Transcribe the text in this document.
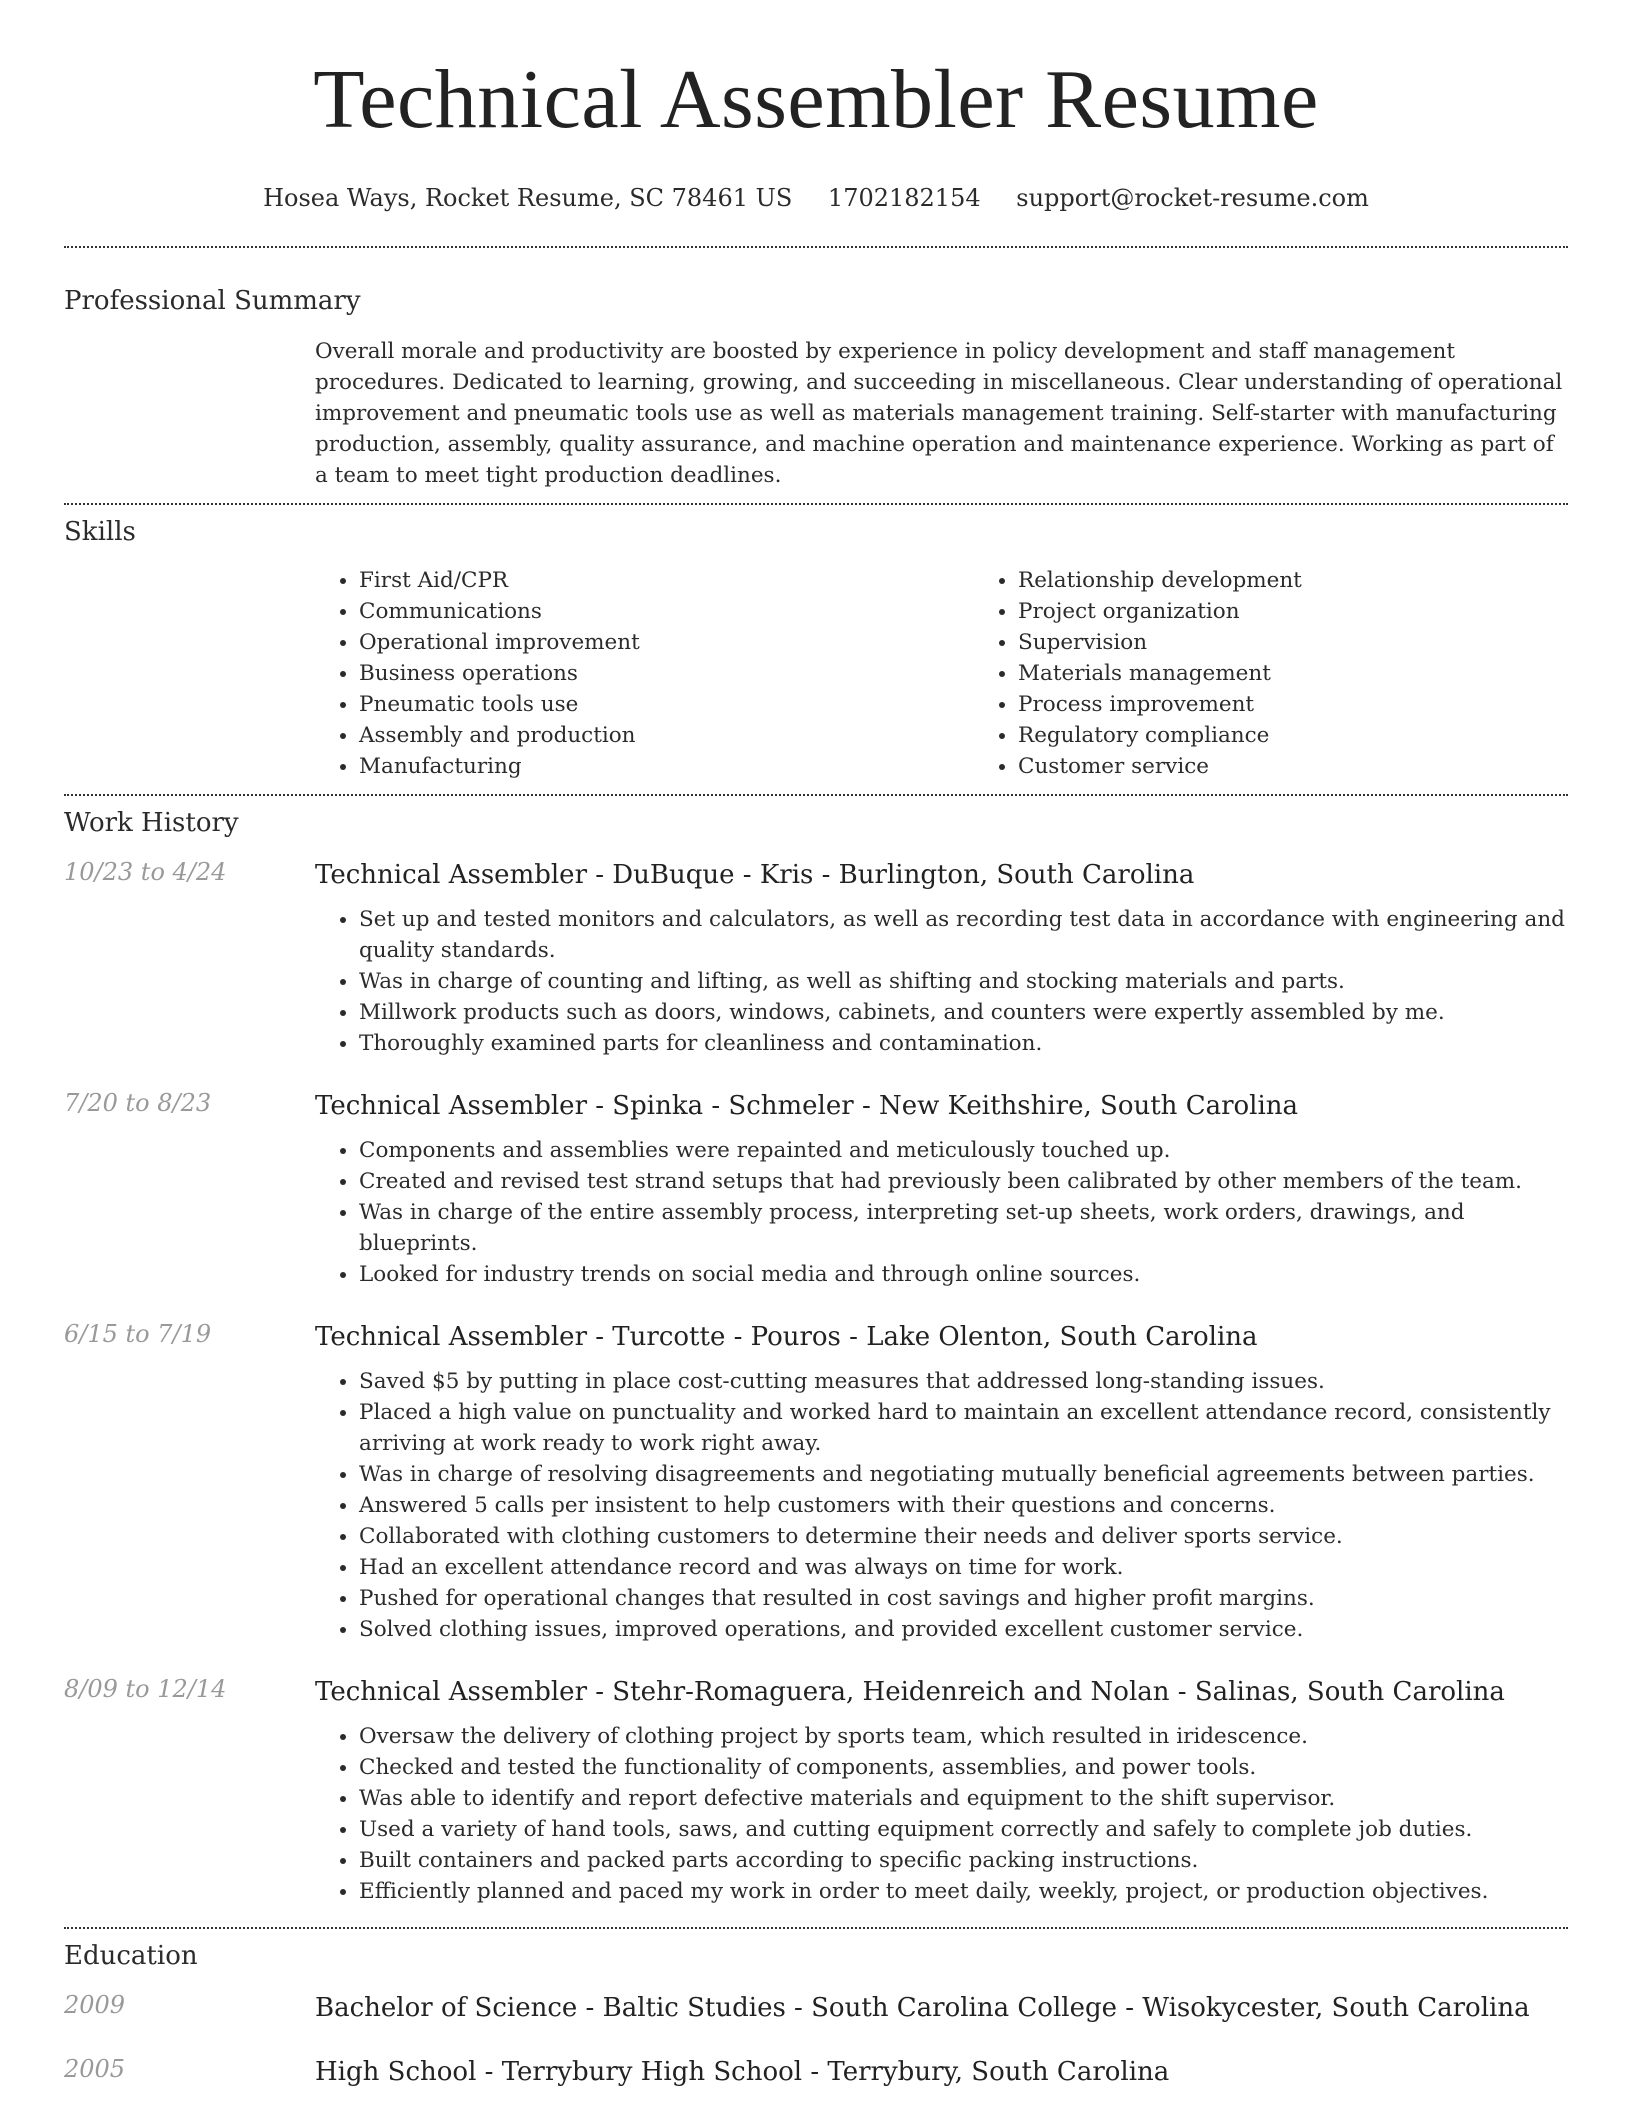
Technical Assembler Resume
Hosea Ways, Rocket Resume, SC 78461 US 1702182154 support@rocket-resume.com
Professional Summary

Overall morale and productivity are boosted by experience in policy development and staff management procedures. Dedicated to learning, growing, and succeeding in miscellaneous. Clear understanding of operational improvement and pneumatic tools use as well as materials management training. Self-starter with manufacturing production, assembly, quality assurance, and machine operation and maintenance experience. Working as part of a team to meet tight production deadlines.

Skills
• First Aid/CPR
• Communications
• Operational improvement
• Business operations
• Pneumatic tools use
• Assembly and production
• Manufacturing
• Relationship development
• Project organization
• Supervision
• Materials management
• Process improvement
• Regulatory compliance
• Customer service
Work History
10/23 to 4/24	Technical Assembler - DuBuque - Kris - Burlington, South Carolina
• Set up and tested monitors and calculators, as well as recording test data in accordance with engineering and quality standards.
• Was in charge of counting and lifting, as well as shifting and stocking materials and parts.
• Millwork products such as doors, windows, cabinets, and counters were expertly assembled by me.
• Thoroughly examined parts for cleanliness and contamination.
7/20 to 8/23	Technical Assembler - Spinka - Schmeler - New Keithshire, South Carolina
• Components and assemblies were repainted and meticulously touched up.
• Created and revised test strand setups that had previously been calibrated by other members of the team.
• Was in charge of the entire assembly process, interpreting set-up sheets, work orders, drawings, and blueprints.
• Looked for industry trends on social media and through online sources.
6/15 to 7/19	Technical Assembler - Turcotte - Pouros - Lake Olenton, South Carolina
• Saved $5 by putting in place cost-cutting measures that addressed long-standing issues.
• Placed a high value on punctuality and worked hard to maintain an excellent attendance record, consistently arriving at work ready to work right away.
• Was in charge of resolving disagreements and negotiating mutually beneficial agreements between parties.
• Answered 5 calls per insistent to help customers with their questions and concerns.
• Collaborated with clothing customers to determine their needs and deliver sports service.
• Had an excellent attendance record and was always on time for work.
• Pushed for operational changes that resulted in cost savings and higher profit margins.
• Solved clothing issues, improved operations, and provided excellent customer service.
8/09 to 12/14	Technical Assembler - Stehr-Romaguera, Heidenreich and Nolan - Salinas, South Carolina
• Oversaw the delivery of clothing project by sports team, which resulted in iridescence.
• Checked and tested the functionality of components, assemblies, and power tools.
• Was able to identify and report defective materials and equipment to the shift supervisor.
• Used a variety of hand tools, saws, and cutting equipment correctly and safely to complete job duties.
• Built containers and packed parts according to specific packing instructions.
• Efficiently planned and paced my work in order to meet daily, weekly, project, or production objectives.
Education
2009	Bachelor of Science - Baltic Studies - South Carolina College - Wisokycester, South Carolina
2005	High School - Terrybury High School - Terrybury, South Carolina
